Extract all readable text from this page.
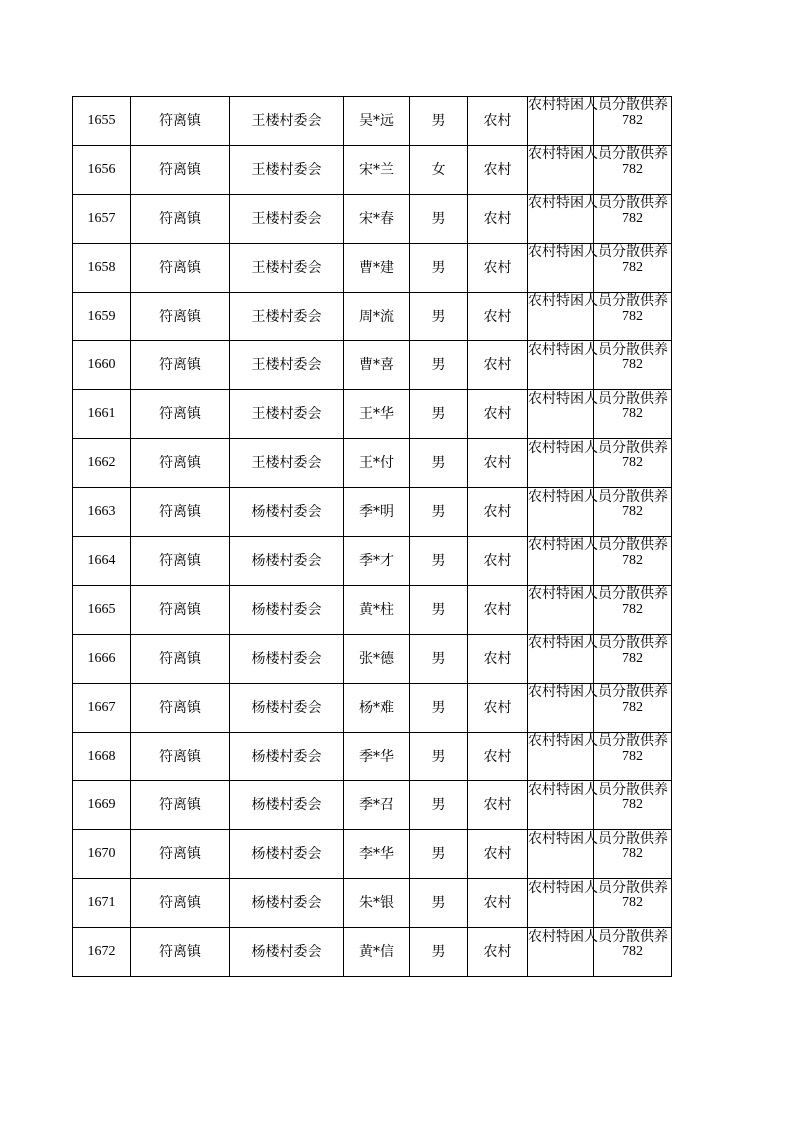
1655	符离镇	王楼村委会	吴*远	男	农村	农村特困人员分散供养	782
1656	符离镇	王楼村委会	宋*兰	女	农村	农村特困人员分散供养	782
1657	符离镇	王楼村委会	宋*春	男	农村	农村特困人员分散供养	782
1658	符离镇	王楼村委会	曹*建	男	农村	农村特困人员分散供养	782
1659	符离镇	王楼村委会	周*流	男	农村	农村特困人员分散供养	782
1660	符离镇	王楼村委会	曹*喜	男	农村	农村特困人员分散供养	782
1661	符离镇	王楼村委会	王*华	男	农村	农村特困人员分散供养	782
1662	符离镇	王楼村委会	王*付	男	农村	农村特困人员分散供养	782
1663	符离镇	杨楼村委会	季*明	男	农村	农村特困人员分散供养	782
1664	符离镇	杨楼村委会	季*才	男	农村	农村特困人员分散供养	782
1665	符离镇	杨楼村委会	黄*柱	男	农村	农村特困人员分散供养	782
1666	符离镇	杨楼村委会	张*德	男	农村	农村特困人员分散供养	782
1667	符离镇	杨楼村委会	杨*难	男	农村	农村特困人员分散供养	782
1668	符离镇	杨楼村委会	季*华	男	农村	农村特困人员分散供养	782
1669	符离镇	杨楼村委会	季*召	男	农村	农村特困人员分散供养	782
1670	符离镇	杨楼村委会	李*华	男	农村	农村特困人员分散供养	782
1671	符离镇	杨楼村委会	朱*银	男	农村	农村特困人员分散供养	782
1672	符离镇	杨楼村委会	黄*信	男	农村	农村特困人员分散供养	782
